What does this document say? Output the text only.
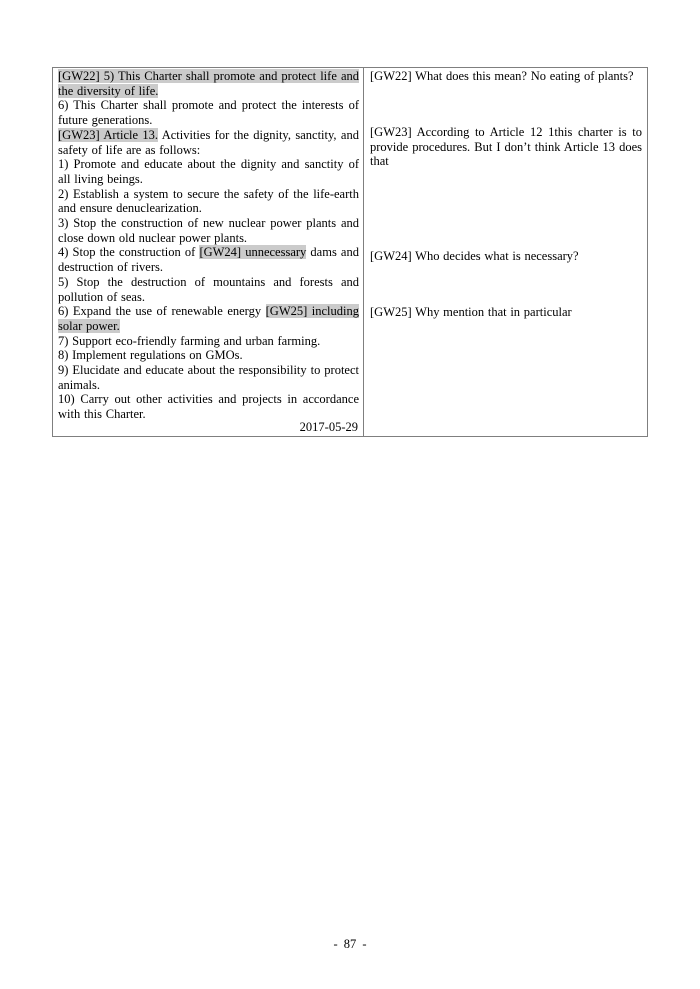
[GW22] 5) This Charter shall promote and protect life and the diversity of life.
6) This Charter shall promote and protect the interests of future generations.
[GW23] Article 13. Activities for the dignity, sanctity, and safety of life are as follows:
1) Promote and educate about the dignity and sanctity of all living beings.
2) Establish a system to secure the safety of the life-earth and ensure denuclearization.
3) Stop the construction of new nuclear power plants and close down old nuclear power plants.
4) Stop the construction of [GW24] unnecessary dams and destruction of rivers.
5) Stop the destruction of mountains and forests and pollution of seas.
6) Expand the use of renewable energy [GW25] including solar power.
7) Support eco-friendly farming and urban farming.
8) Implement regulations on GMOs.
9) Elucidate and educate about the responsibility to protect animals.
10) Carry out other activities and projects in accordance with this Charter.
2017-05-29
[GW22] What does this mean? No eating of plants?
[GW23] According to Article 12 1this charter is to provide procedures. But I don’t think Article 13 does that
[GW24] Who decides what is necessary?
[GW25] Why mention that in particular
- 87 -
